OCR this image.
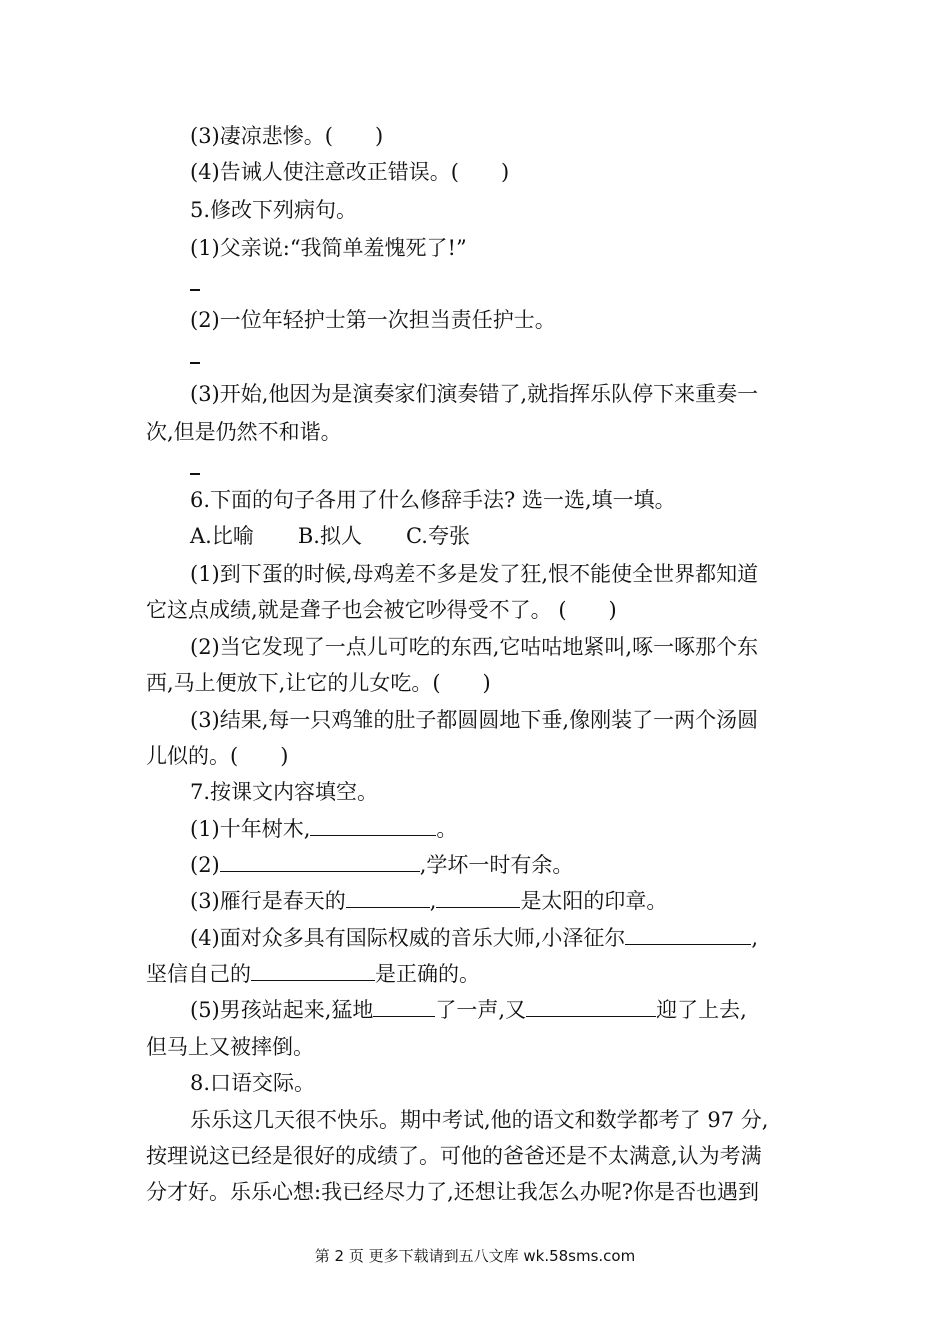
(3)凄凉悲惨。(　　)
(4)告诫人使注意改正错误。(　　)
5.修改下列病句。
(1)父亲说:“我简单羞愧死了!”
(2)一位年轻护士第一次担当责任护士。
(3)开始,他因为是演奏家们演奏错了,就指挥乐队停下来重奏一
次,但是仍然不和谐。
6.下面的句子各用了什么修辞手法? 选一选,填一填。
A.比喻 B.拟人 C.夸张
(1)到下蛋的时候,母鸡差不多是发了狂,恨不能使全世界都知道
它这点成绩,就是聋子也会被它吵得受不了。 (　　)
(2)当它发现了一点儿可吃的东西,它咕咕地紧叫,啄一啄那个东
西,马上便放下,让它的儿女吃。(　　)
(3)结果,每一只鸡雏的肚子都圆圆地下垂,像刚装了一两个汤圆
儿似的。(　　)
7.按课文内容填空。
(1)十年树木,	。
(2)	,学坏一时有余。
(3)雁行是春天的	,	是太阳的印章。
(4)面对众多具有国际权威的音乐大师,小泽征尔	,
坚信自己的	是正确的。
(5)男孩站起来,猛地	了一声,又	迎了上去,
但马上又被摔倒。
8.口语交际。
乐乐这几天很不快乐。期中考试,他的语文和数学都考了 97 分,
按理说这已经是很好的成绩了。可他的爸爸还是不太满意,认为考满
分才好。乐乐心想:我已经尽力了,还想让我怎么办呢?你是否也遇到
第 2 页 更多下载请到五八文库 wk.58sms.com
